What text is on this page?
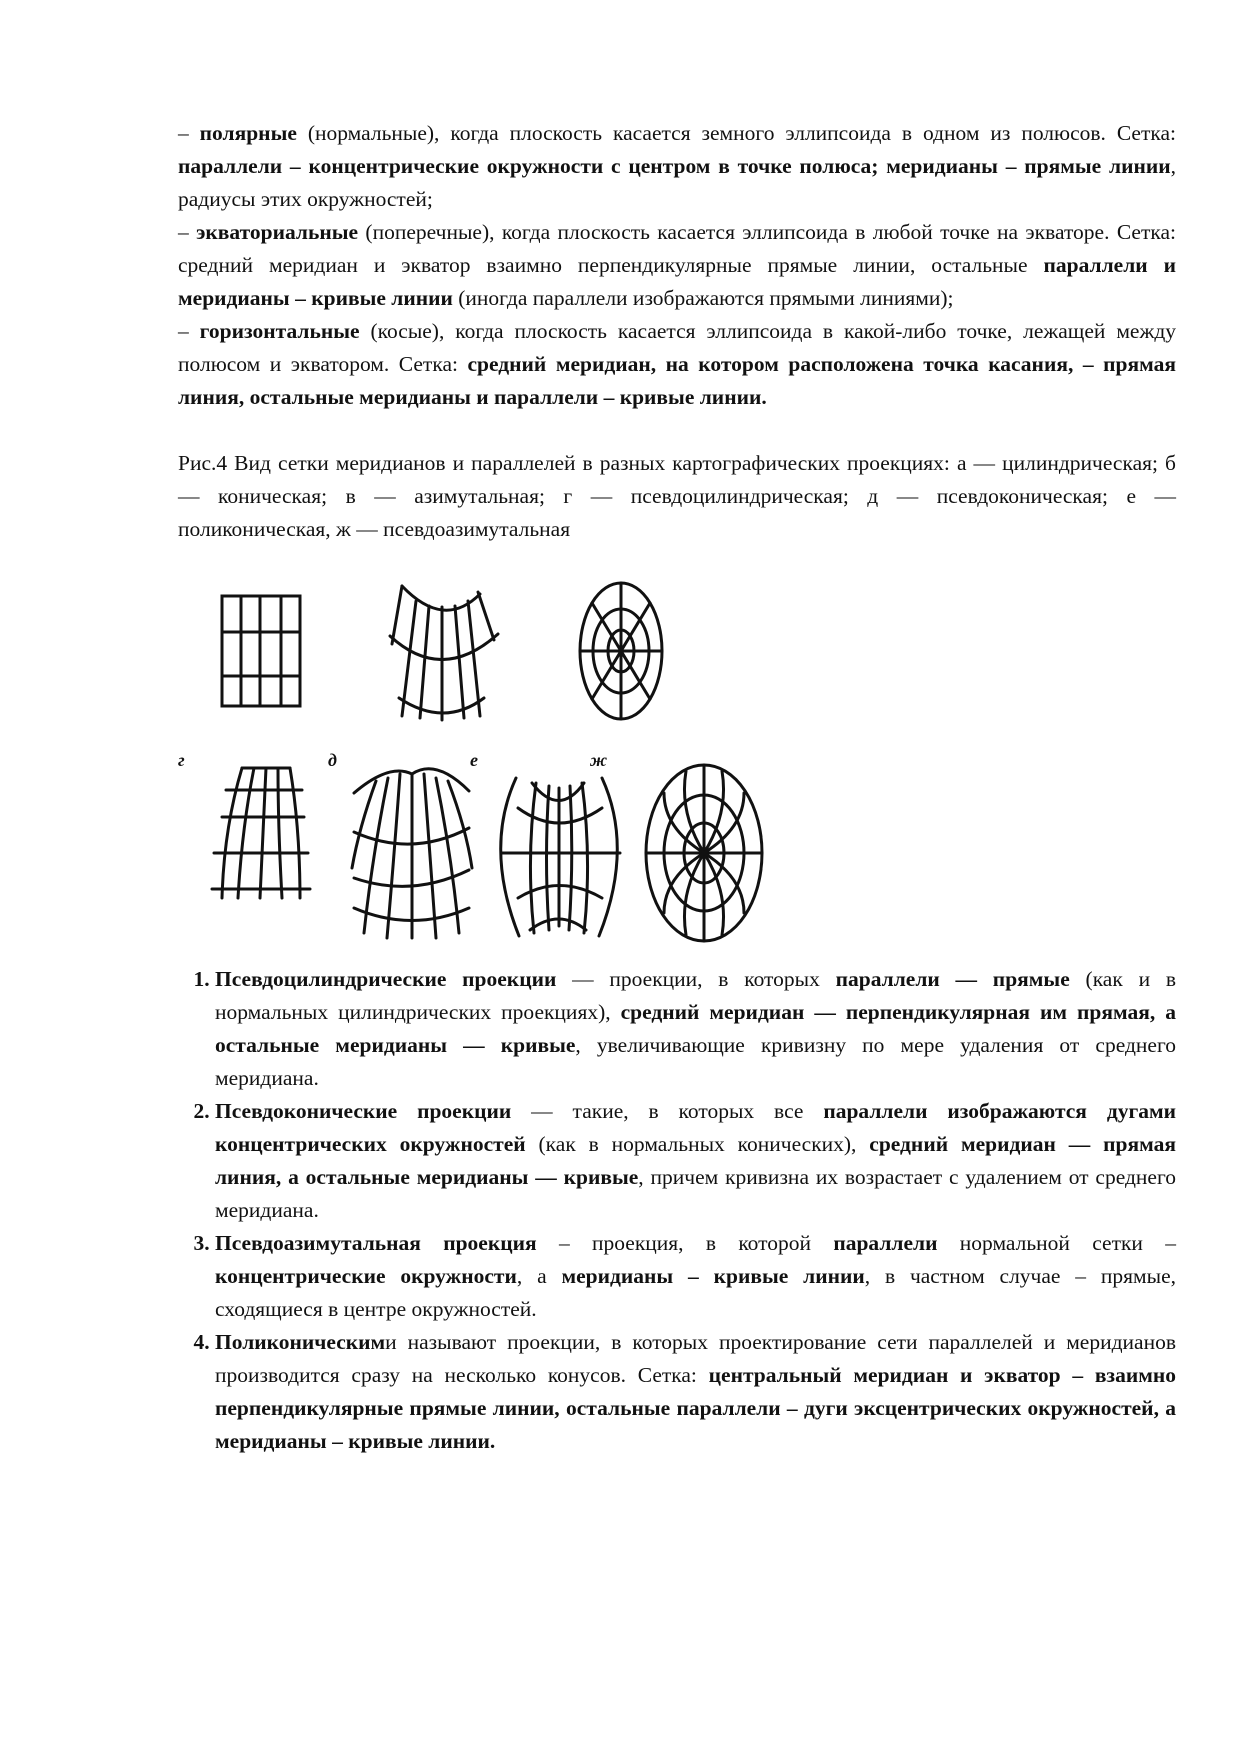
– полярные (нормальные), когда плоскость касается земного эллипсоида в одном из полюсов. Сетка: параллели – концентрические окружности с центром в точке полюса; меридианы – прямые линии, радиусы этих окружностей;

– экваториальные (поперечные), когда плоскость касается эллипсоида в любой точке на экваторе. Сетка: средний меридиан и экватор взаимно перпендикулярные прямые линии, остальные параллели и меридианы – кривые линии (иногда параллели изображаются прямыми линиями);

– горизонтальные (косые), когда плоскость касается эллипсоида в какой-либо точке, лежащей между полюсом и экватором. Сетка: средний меридиан, на котором расположена точка касания, – прямая линия, остальные меридианы и параллели – кривые линии.

Рис.4 Вид сетки меридианов и параллелей в разных картографических проекциях: а — цилиндрическая; б — коническая; в — азимутальная; г — псевдоцилиндрическая; д — псевдоконическая; е — поликоническая, ж — псевдоазимутальная

г	д	е	ж
1. Псевдоцилиндрические проекции — проекции, в которых параллели — прямые (как и в нормальных цилиндрических проекциях), средний меридиан — перпендикулярная им прямая, а остальные меридианы — кривые, увеличивающие кривизну по мере удаления от среднего меридиана.
2. Псевдоконические проекции — такие, в которых все параллели изображаются дугами концентрических окружностей (как в нормальных конических), средний меридиан — прямая линия, а остальные меридианы — кривые, причем кривизна их возрастает с удалением от среднего меридиана.
3. Псевдоазимутальная проекция – проекция, в которой параллели нормальной сетки – концентрические окружности, а меридианы – кривые линии, в частном случае – прямые, сходящиеся в центре окружностей.
4. Поликоническими называют проекции, в которых проектирование сети параллелей и меридианов производится сразу на несколько конусов. Сетка: центральный меридиан и экватор – взаимно перпендикулярные прямые линии, остальные параллели – дуги эксцентрических окружностей, а меридианы – кривые линии.
